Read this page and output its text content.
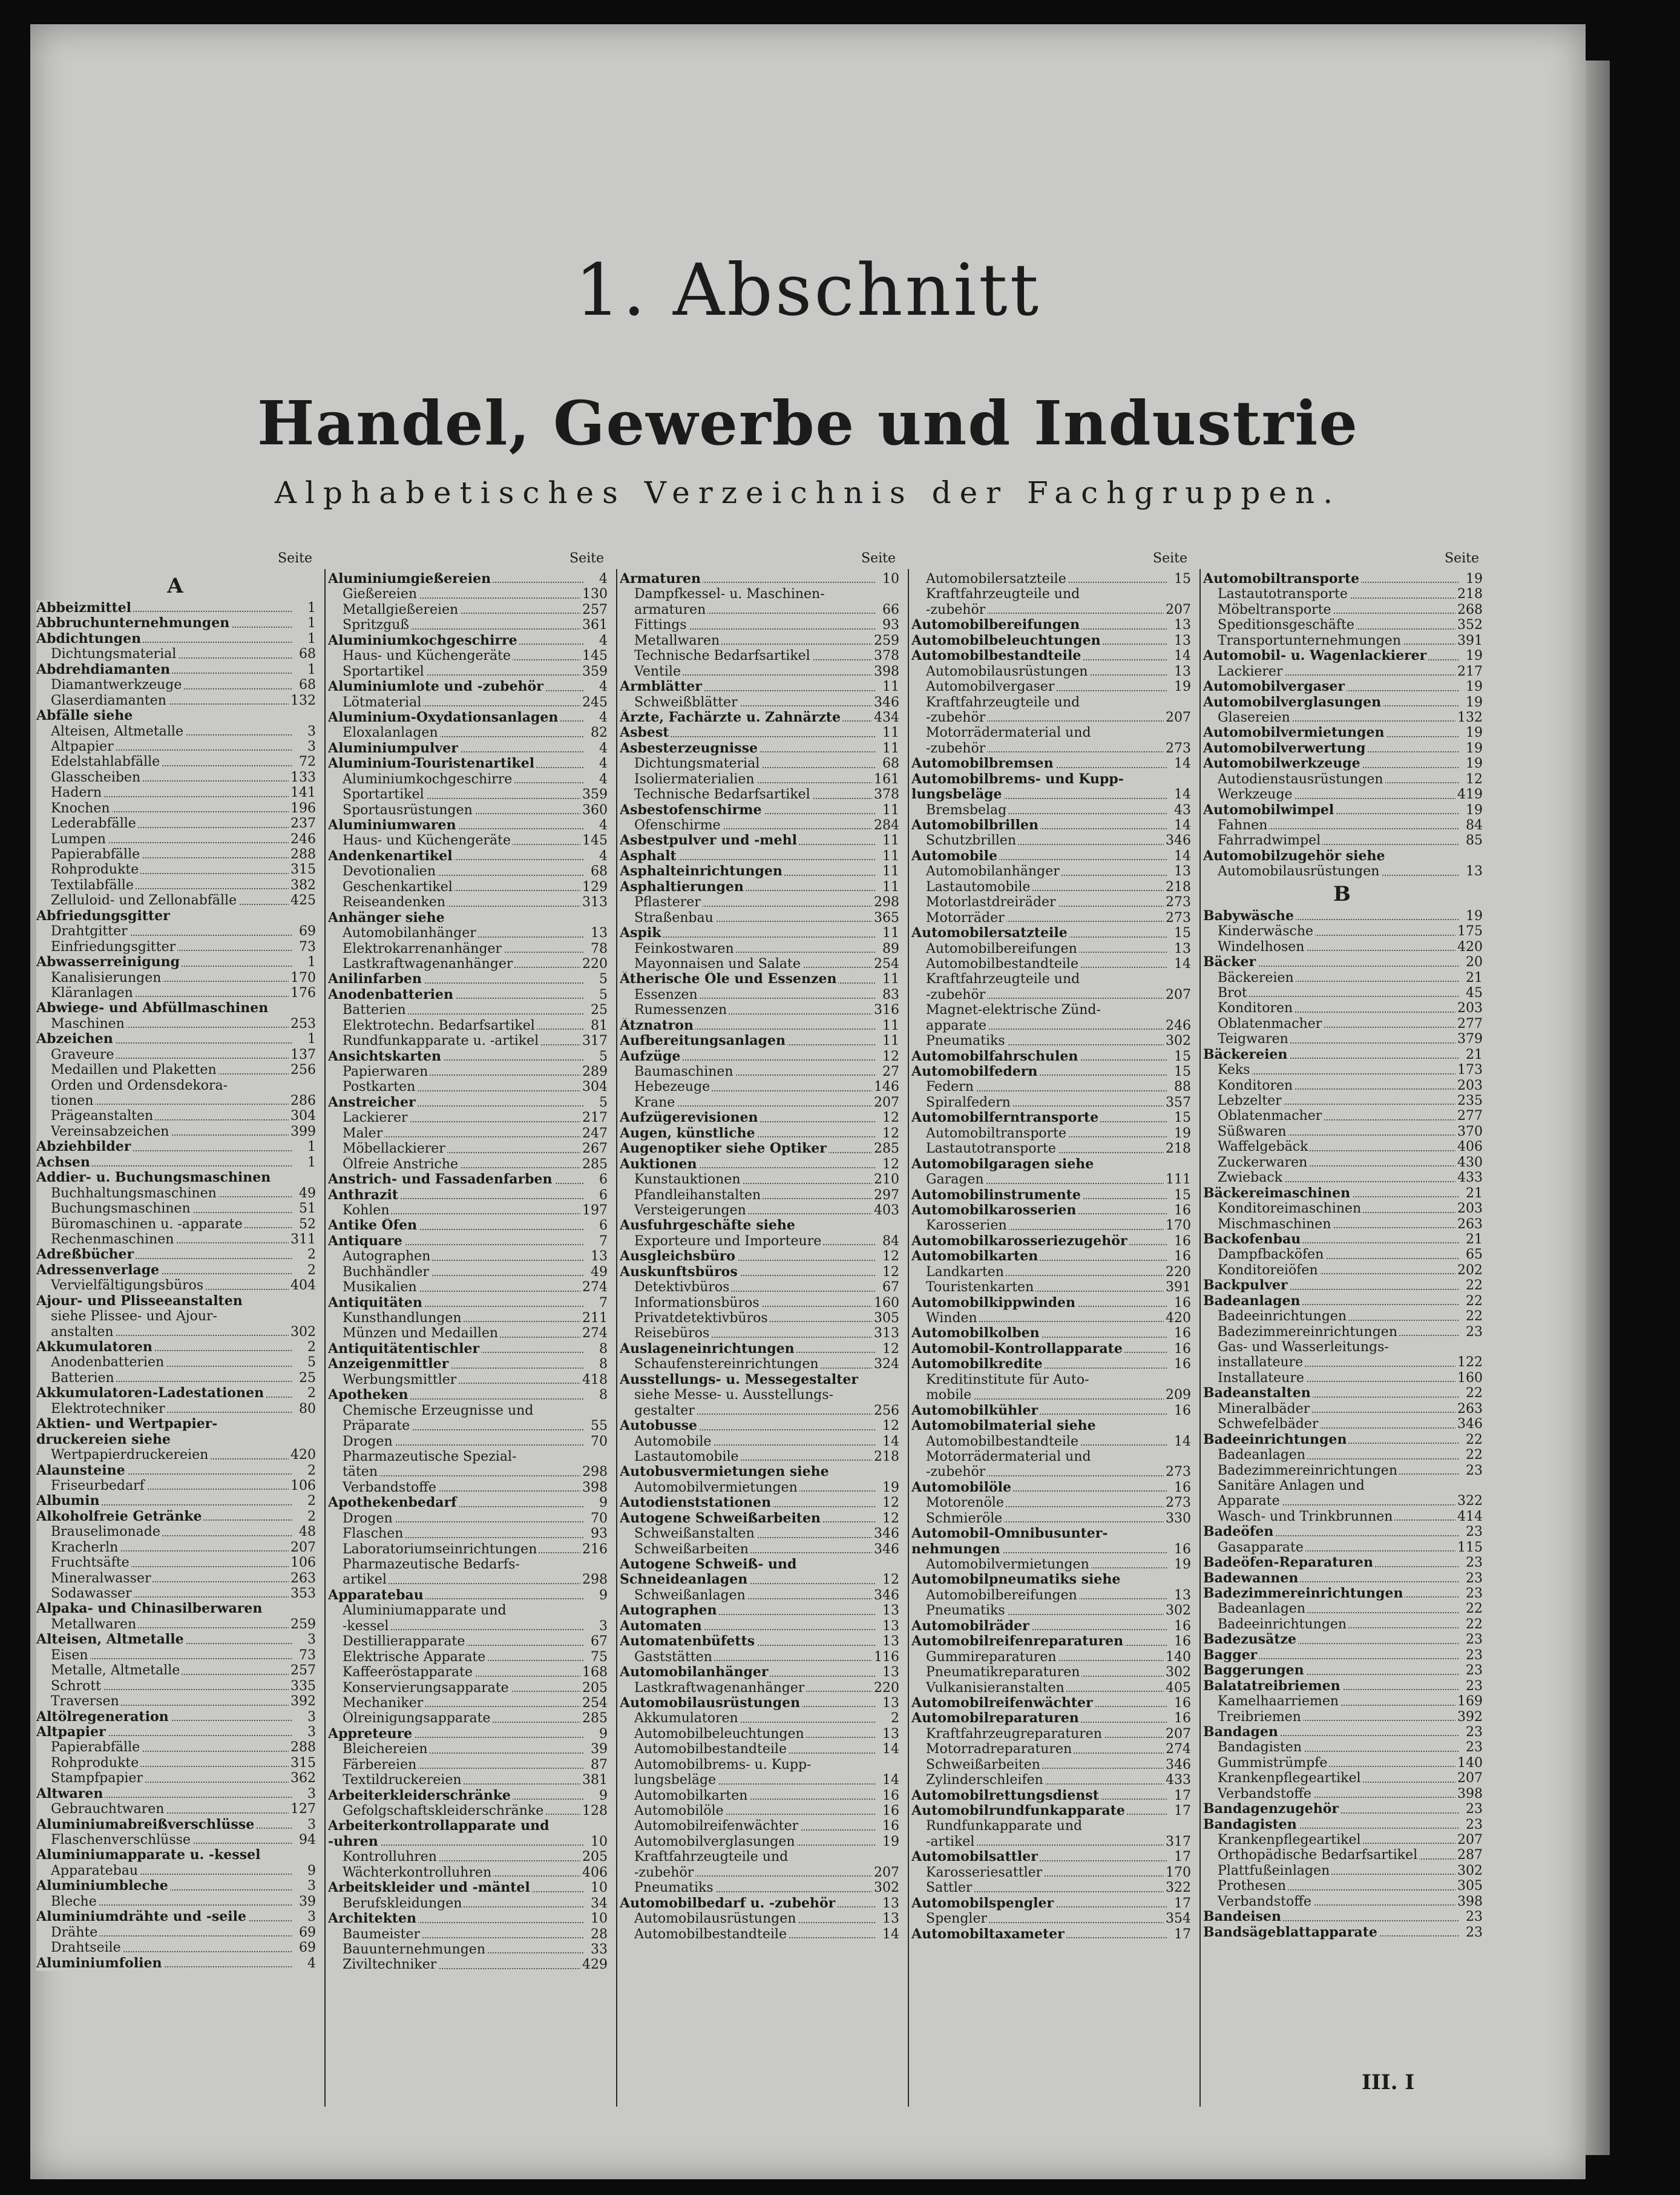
1. Abschnitt
Handel, Gewerbe und Industrie
Alphabetisches Verzeichnis der Fachgruppen.
Seite
A
Abbeizmittel	1
Abbruchunternehmungen	1
Abdichtungen	1
Dichtungsmaterial	68
Abdrehdiamanten	1
Diamantwerkzeuge	68
Glaserdiamanten	132
Abfälle siehe
Alteisen, Altmetalle	3
Altpapier	3
Edelstahlabfälle	72
Glasscheiben	133
Hadern	141
Knochen	196
Lederabfälle	237
Lumpen	246
Papierabfälle	288
Rohprodukte	315
Textilabfälle	382
Zelluloid- und Zellonabfälle	425
Abfriedungsgitter
Drahtgitter	69
Einfriedungsgitter	73
Abwasserreinigung	1
Kanalisierungen	170
Kläranlagen	176
Abwiege- und Abfüllmaschinen
Maschinen	253
Abzeichen	1
Graveure	137
Medaillen und Plaketten	256
Orden und Ordensdekora-
tionen	286
Prägeanstalten	304
Vereinsabzeichen	399
Abziehbilder	1
Achsen	1
Addier- u. Buchungsmaschinen
Buchhaltungsmaschinen	49
Buchungsmaschinen	51
Büromaschinen u. -apparate	52
Rechenmaschinen	311
Adreßbücher	2
Adressenverlage	2
Vervielfältigungsbüros	404
Ajour- und Plisseeanstalten
siehe Plissee- und Ajour-
anstalten	302
Akkumulatoren	2
Anodenbatterien	5
Batterien	25
Akkumulatoren-Ladestationen	2
Elektrotechniker	80
Aktien- und Wertpapier-
druckereien siehe
Wertpapierdruckereien	420
Alaunsteine	2
Friseurbedarf	106
Albumin	2
Alkoholfreie Getränke	2
Brauselimonade	48
Kracherln	207
Fruchtsäfte	106
Mineralwasser	263
Sodawasser	353
Alpaka- und Chinasilberwaren
Metallwaren	259
Alteisen, Altmetalle	3
Eisen	73
Metalle, Altmetalle	257
Schrott	335
Traversen	392
Altölregeneration	3
Altpapier	3
Papierabfälle	288
Rohprodukte	315
Stampfpapier	362
Altwaren	3
Gebrauchtwaren	127
Aluminiumabreißverschlüsse	3
Flaschenverschlüsse	94
Aluminiumapparate u. -kessel
Apparatebau	9
Aluminiumbleche	3
Bleche	39
Aluminiumdrähte und -seile	3
Drähte	69
Drahtseile	69
Aluminiumfolien	4
Seite
Aluminiumgießereien	4
Gießereien	130
Metallgießereien	257
Spritzguß	361
Aluminiumkochgeschirre	4
Haus- und Küchengeräte	145
Sportartikel	359
Aluminiumlote und -zubehör	4
Lötmaterial	245
Aluminium-Oxydationsanlagen	4
Eloxalanlagen	82
Aluminiumpulver	4
Aluminium-Touristenartikel	4
Aluminiumkochgeschirre	4
Sportartikel	359
Sportausrüstungen	360
Aluminiumwaren	4
Haus- und Küchengeräte	145
Andenkenartikel	4
Devotionalien	68
Geschenkartikel	129
Reiseandenken	313
Anhänger siehe
Automobilanhänger	13
Elektrokarrenanhänger	78
Lastkraftwagenanhänger	220
Anilinfarben	5
Anodenbatterien	5
Batterien	25
Elektrotechn. Bedarfsartikel	81
Rundfunkapparate u. -artikel	317
Ansichtskarten	5
Papierwaren	289
Postkarten	304
Anstreicher	5
Lackierer	217
Maler	247
Möbellackierer	267
Ölfreie Anstriche	285
Anstrich- und Fassadenfarben	6
Anthrazit	6
Kohlen	197
Antike Öfen	6
Antiquare	7
Autographen	13
Buchhändler	49
Musikalien	274
Antiquitäten	7
Kunsthandlungen	211
Münzen und Medaillen	274
Antiquitätentischler	8
Anzeigenmittler	8
Werbungsmittler	418
Apotheken	8
Chemische Erzeugnisse und
Präparate	55
Drogen	70
Pharmazeutische Spezial-
täten	298
Verbandstoffe	398
Apothekenbedarf	9
Drogen	70
Flaschen	93
Laboratoriumseinrichtungen	216
Pharmazeutische Bedarfs-
artikel	298
Apparatebau	9
Aluminiumapparate und
-kessel	3
Destillierapparate	67
Elektrische Apparate	75
Kaffeeröstapparate	168
Konservierungsapparate	205
Mechaniker	254
Ölreinigungsapparate	285
Appreteure	9
Bleichereien	39
Färbereien	87
Textildruckereien	381
Arbeiterkleiderschränke	9
Gefolgschaftskleiderschränke	128
Arbeiterkontrollapparate und
-uhren	10
Kontrolluhren	205
Wächterkontrolluhren	406
Arbeitskleider und -mäntel	10
Berufskleidungen	34
Architekten	10
Baumeister	28
Bauunternehmungen	33
Ziviltechniker	429
Seite
Armaturen	10
Dampfkessel- u. Maschinen-
armaturen	66
Fittings	93
Metallwaren	259
Technische Bedarfsartikel	378
Ventile	398
Armblätter	11
Schweißblätter	346
Ärzte, Fachärzte u. Zahnärzte	434
Asbest	11
Asbesterzeugnisse	11
Dichtungsmaterial	68
Isoliermaterialien	161
Technische Bedarfsartikel	378
Asbestofenschirme	11
Ofenschirme	284
Asbestpulver und -mehl	11
Asphalt	11
Asphalteinrichtungen	11
Asphaltierungen	11
Pflasterer	298
Straßenbau	365
Aspik	11
Feinkostwaren	89
Mayonnaisen und Salate	254
Ätherische Öle und Essenzen	11
Essenzen	83
Rumessenzen	316
Ätznatron	11
Aufbereitungsanlagen	11
Aufzüge	12
Baumaschinen	27
Hebezeuge	146
Krane	207
Aufzügerevisionen	12
Augen, künstliche	12
Augenoptiker siehe Optiker	285
Auktionen	12
Kunstauktionen	210
Pfandleihanstalten	297
Versteigerungen	403
Ausfuhrgeschäfte siehe
Exporteure und Importeure	84
Ausgleichsbüro	12
Auskunftsbüros	12
Detektivbüros	67
Informationsbüros	160
Privatdetektivbüros	305
Reisebüros	313
Auslageneinrichtungen	12
Schaufenstereinrichtungen	324
Ausstellungs- u. Messegestalter
siehe Messe- u. Ausstellungs-
gestalter	256
Autobusse	12
Automobile	14
Lastautomobile	218
Autobusvermietungen siehe
Automobilvermietungen	19
Autodienststationen	12
Autogene Schweißarbeiten	12
Schweißanstalten	346
Schweißarbeiten	346
Autogene Schweiß- und
Schneideanlagen	12
Schweißanlagen	346
Autographen	13
Automaten	13
Automatenbüfetts	13
Gaststätten	116
Automobilanhänger	13
Lastkraftwagenanhänger	220
Automobilausrüstungen	13
Akkumulatoren	2
Automobilbeleuchtungen	13
Automobilbestandteile	14
Automobilbrems- u. Kupp-
lungsbeläge	14
Automobilkarten	16
Automobilöle	16
Automobilreifenwächter	16
Automobilverglasungen	19
Kraftfahrzeugteile und
-zubehör	207
Pneumatiks	302
Automobilbedarf u. -zubehör	13
Automobilausrüstungen	13
Automobilbestandteile	14
Seite
Automobilersatzteile	15
Kraftfahrzeugteile und
-zubehör	207
Automobilbereifungen	13
Automobilbeleuchtungen	13
Automobilbestandteile	14
Automobilausrüstungen	13
Automobilvergaser	19
Kraftfahrzeugteile und
-zubehör	207
Motorrädermaterial und
-zubehör	273
Automobilbremsen	14
Automobilbrems- und Kupp-
lungsbeläge	14
Bremsbelag	43
Automobilbrillen	14
Schutzbrillen	346
Automobile	14
Automobilanhänger	13
Lastautomobile	218
Motorlastdreiräder	273
Motorräder	273
Automobilersatzteile	15
Automobilbereifungen	13
Automobilbestandteile	14
Kraftfahrzeugteile und
-zubehör	207
Magnet-elektrische Zünd-
apparate	246
Pneumatiks	302
Automobilfahrschulen	15
Automobilfedern	15
Federn	88
Spiralfedern	357
Automobilferntransporte	15
Automobiltransporte	19
Lastautotransporte	218
Automobilgaragen siehe
Garagen	111
Automobilinstrumente	15
Automobilkarosserien	16
Karosserien	170
Automobilkarosseriezugehör	16
Automobilkarten	16
Landkarten	220
Touristenkarten	391
Automobilkippwinden	16
Winden	420
Automobilkolben	16
Automobil-Kontrollapparate	16
Automobilkredite	16
Kreditinstitute für Auto-
mobile	209
Automobilkühler	16
Automobilmaterial siehe
Automobilbestandteile	14
Motorrädermaterial und
-zubehör	273
Automobilöle	16
Motorenöle	273
Schmieröle	330
Automobil-Omnibusunter-
nehmungen	16
Automobilvermietungen	19
Automobilpneumatiks siehe
Automobilbereifungen	13
Pneumatiks	302
Automobilräder	16
Automobilreifenreparaturen	16
Gummireparaturen	140
Pneumatikreparaturen	302
Vulkanisieranstalten	405
Automobilreifenwächter	16
Automobilreparaturen	16
Kraftfahrzeugreparaturen	207
Motorradreparaturen	274
Schweißarbeiten	346
Zylinderschleifen	433
Automobilrettungsdienst	17
Automobilrundfunkapparate	17
Rundfunkapparate und
-artikel	317
Automobilsattler	17
Karosseriesattler	170
Sattler	322
Automobilspengler	17
Spengler	354
Automobiltaxameter	17
Seite
Automobiltransporte	19
Lastautotransporte	218
Möbeltransporte	268
Speditionsgeschäfte	352
Transportunternehmungen	391
Automobil- u. Wagenlackierer	19
Lackierer	217
Automobilvergaser	19
Automobilverglasungen	19
Glasereien	132
Automobilvermietungen	19
Automobilverwertung	19
Automobilwerkzeuge	19
Autodienstausrüstungen	12
Werkzeuge	419
Automobilwimpel	19
Fahnen	84
Fahrradwimpel	85
Automobilzugehör siehe
Automobilausrüstungen	13
B
Babywäsche	19
Kinderwäsche	175
Windelhosen	420
Bäcker	20
Bäckereien	21
Brot	45
Konditoren	203
Oblatenmacher	277
Teigwaren	379
Bäckereien	21
Keks	173
Konditoren	203
Lebzelter	235
Oblatenmacher	277
Süßwaren	370
Waffelgebäck	406
Zuckerwaren	430
Zwieback	433
Bäckereimaschinen	21
Konditoreimaschinen	203
Mischmaschinen	263
Backofenbau	21
Dampfbacköfen	65
Konditoreiöfen	202
Backpulver	22
Badeanlagen	22
Badeeinrichtungen	22
Badezimmereinrichtungen	23
Gas- und Wasserleitungs-
installateure	122
Installateure	160
Badeanstalten	22
Mineralbäder	263
Schwefelbäder	346
Badeeinrichtungen	22
Badeanlagen	22
Badezimmereinrichtungen	23
Sanitäre Anlagen und
Apparate	322
Wasch- und Trinkbrunnen	414
Badeöfen	23
Gasapparate	115
Badeöfen-Reparaturen	23
Badewannen	23
Badezimmereinrichtungen	23
Badeanlagen	22
Badeeinrichtungen	22
Badezusätze	23
Bagger	23
Baggerungen	23
Balatatreibriemen	23
Kamelhaarriemen	169
Treibriemen	392
Bandagen	23
Bandagisten	23
Gummistrümpfe	140
Krankenpflegeartikel	207
Verbandstoffe	398
Bandagenzugehör	23
Bandagisten	23
Krankenpflegeartikel	207
Orthopädische Bedarfsartikel	287
Plattfußeinlagen	302
Prothesen	305
Verbandstoffe	398
Bandeisen	23
Bandsägeblattapparate	23
III. I
